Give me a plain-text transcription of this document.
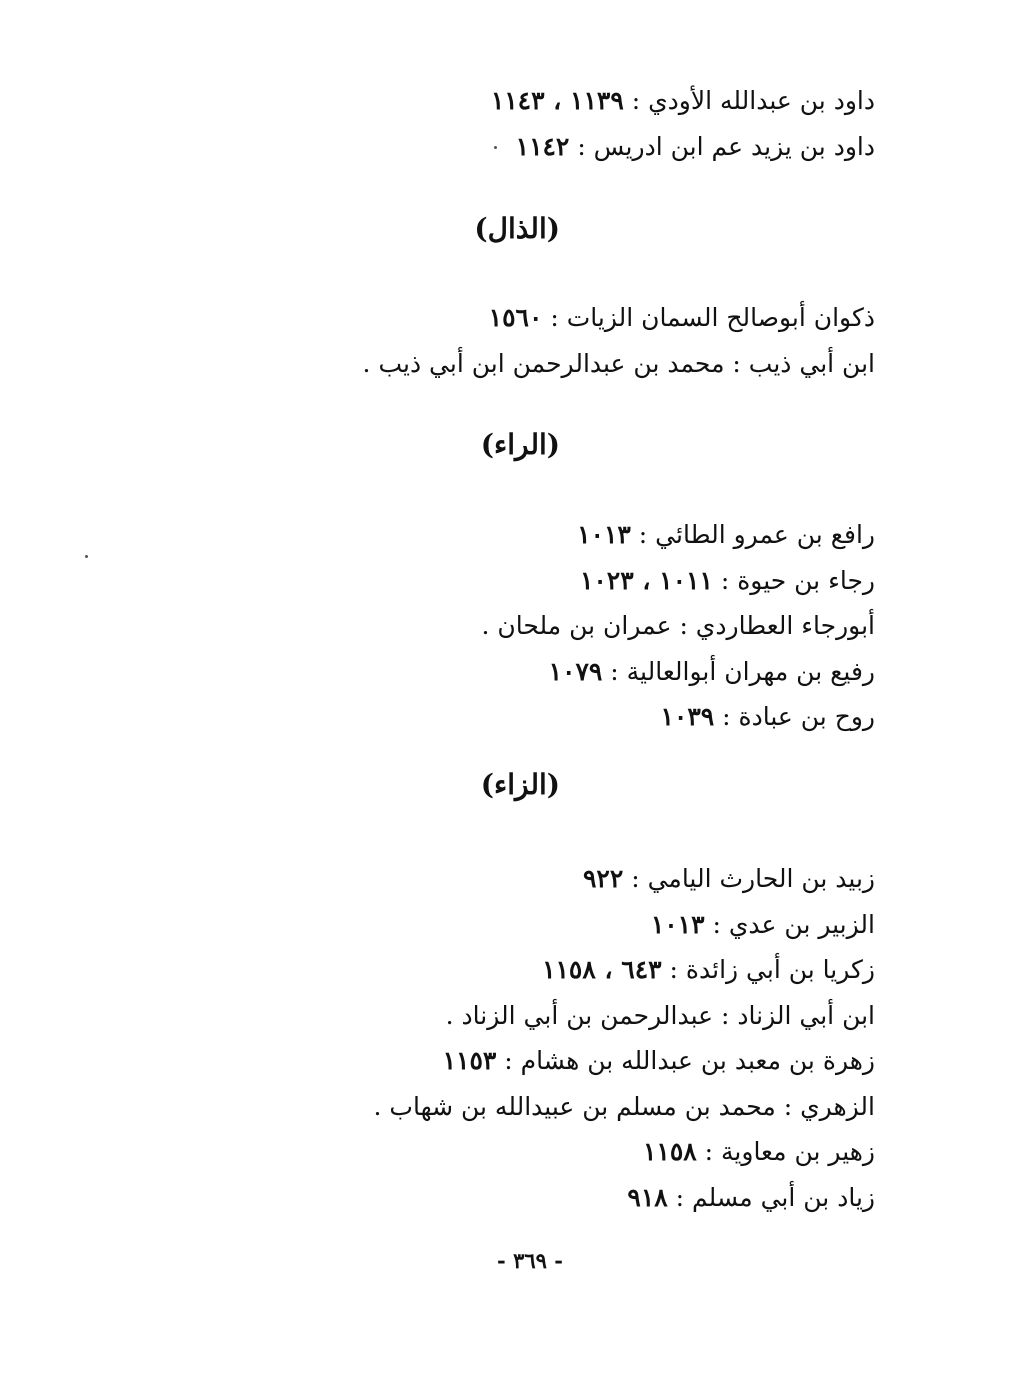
داود بن عبدالله الأودي : ١١٣٩ ، ١١٤٣
داود بن يزيد عم ابن ادريس : ١١٤٢
(الذال)
ذكوان أبوصالح السمان الزيات : ١٥٦٠
ابن أبي ذيب : محمد بن عبدالرحمن ابن أبي ذيب .
(الراء)
رافع بن عمرو الطائي : ١٠١٣
رجاء بن حيوة : ١٠١١ ، ١٠٢٣
أبورجاء العطاردي : عمران بن ملحان .
رفيع بن مهران أبوالعالية : ١٠٧٩
روح بن عبادة : ١٠٣٩
(الزاء)
زبيد بن الحارث اليامي : ٩٢٢
الزبير بن عدي : ١٠١٣
زكريا بن أبي زائدة : ٦٤٣ ، ١١٥٨
ابن أبي الزناد : عبدالرحمن بن أبي الزناد .
زهرة بن معبد بن عبدالله بن هشام : ١١٥٣
الزهري : محمد بن مسلم بن عبيدالله بن شهاب .
زهير بن معاوية : ١١٥٨
زياد بن أبي مسلم : ٩١٨
- ٣٦٩ -
